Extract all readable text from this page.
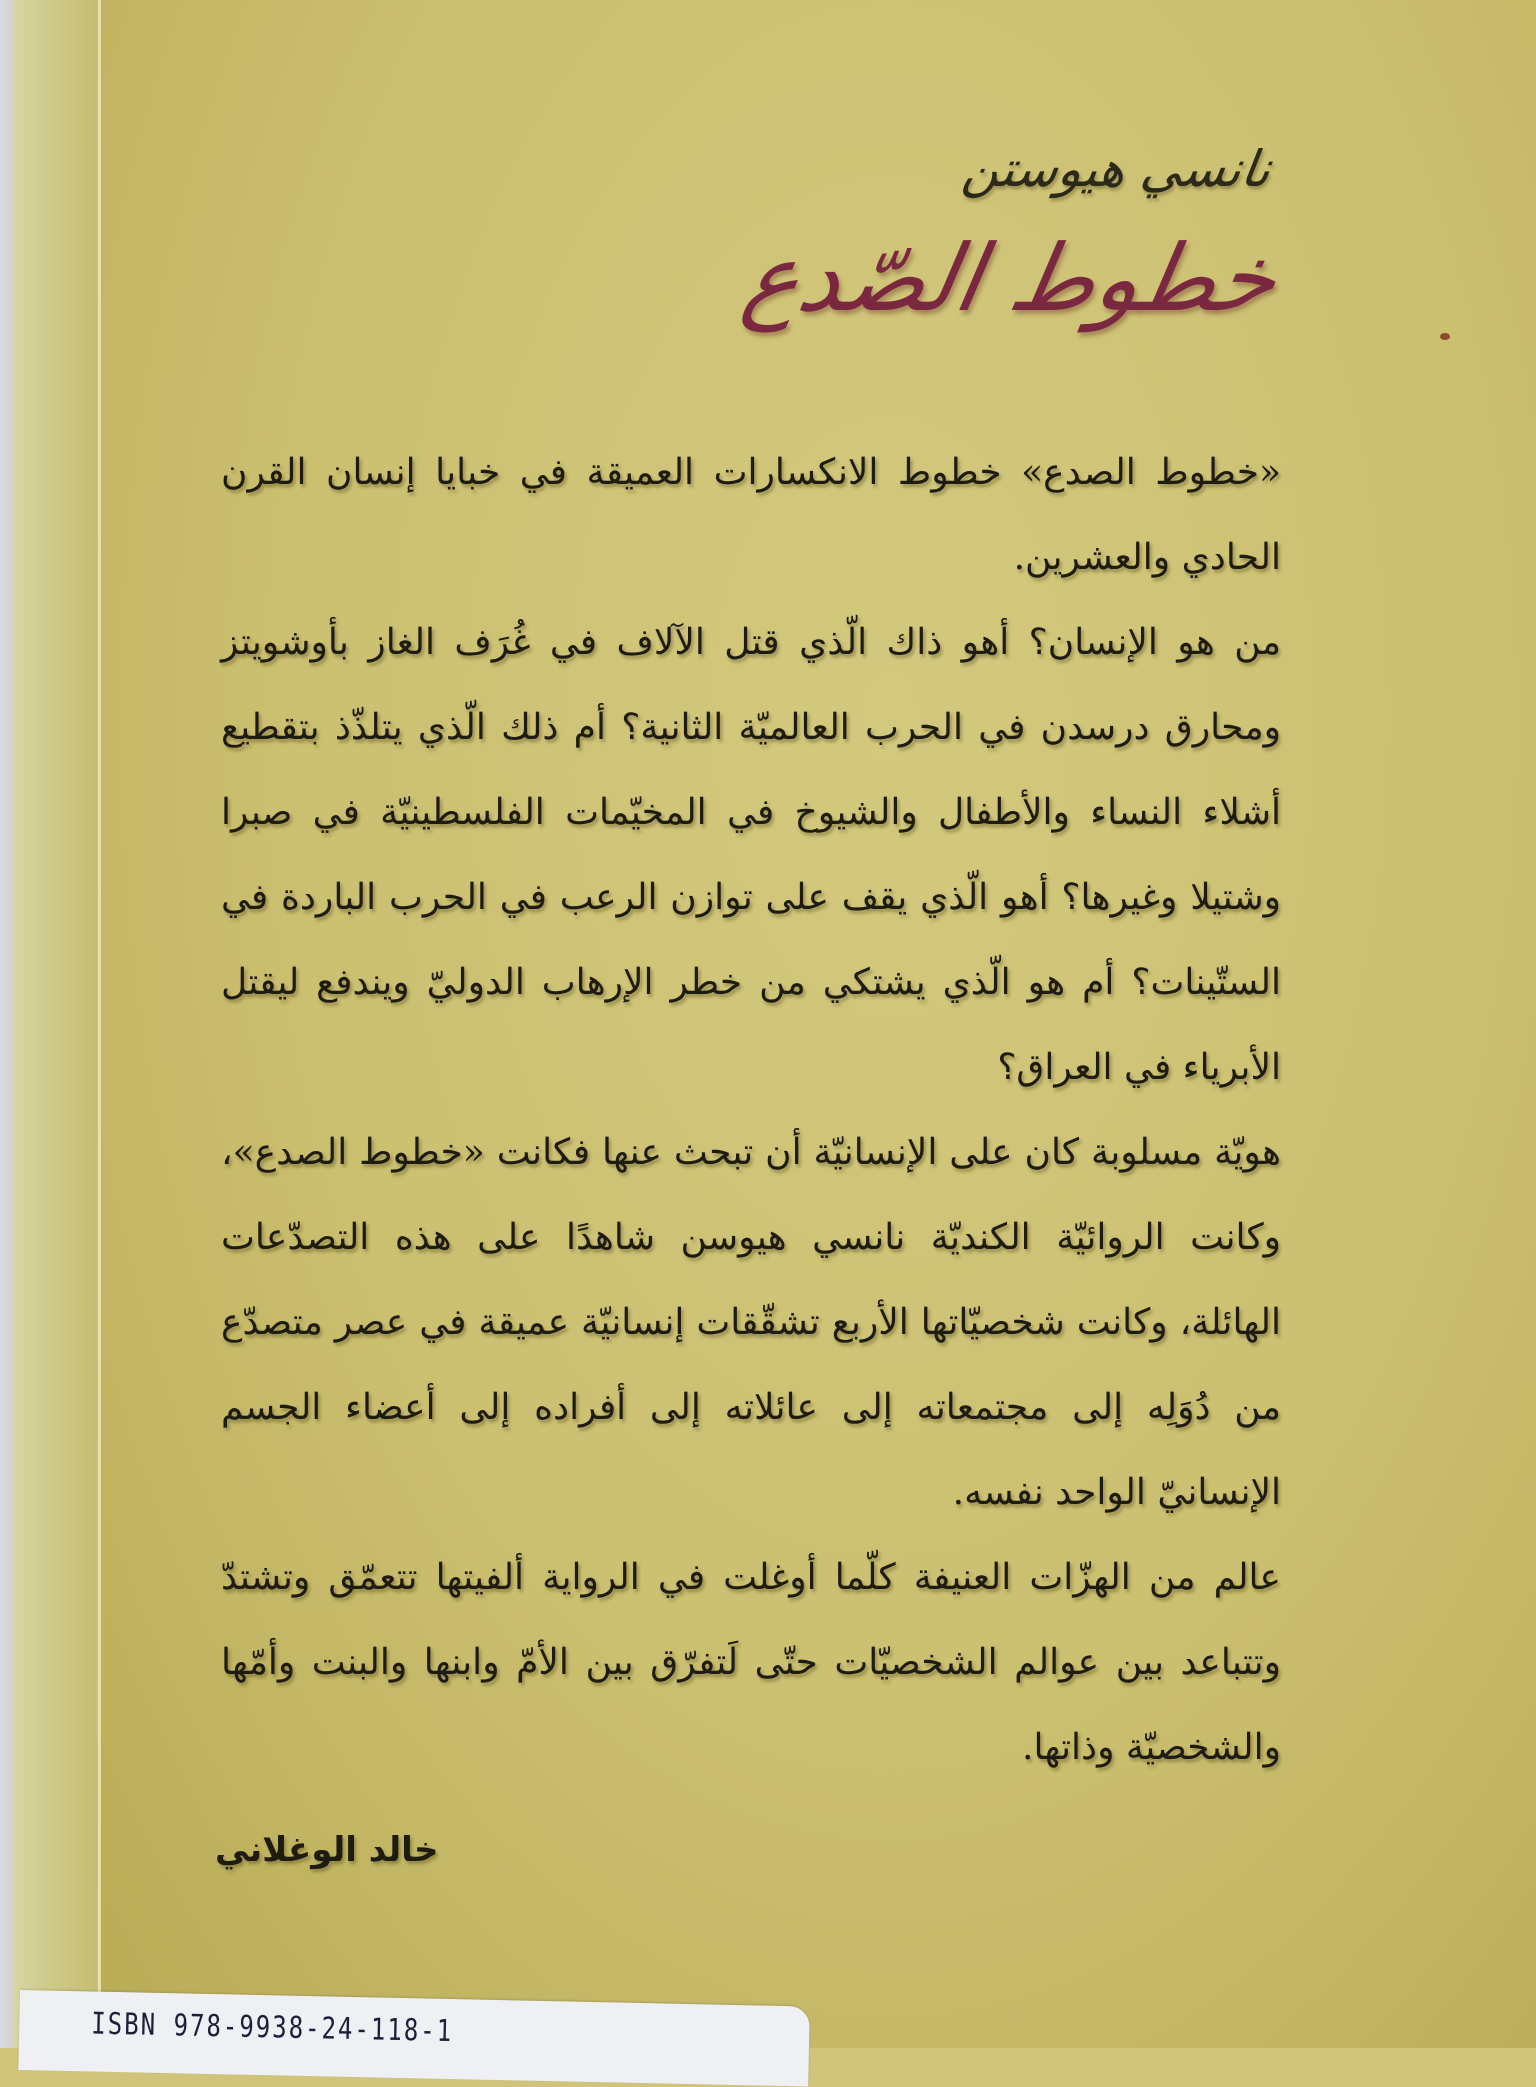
نانسي هيوستن
خطوط الصّدع

«خطوط الصدع» خطوط الانكسارات العميقة في خبايا إنسان القرن الحادي والعشرين.

من هو الإنسان؟ أهو ذاك الّذي قتل الآلاف في غُرَف الغاز بأوشويتز ومحارق درسدن في الحرب العالميّة الثانية؟ أم ذلك الّذي يتلذّذ بتقطيع أشلاء النساء والأطفال والشيوخ في المخيّمات الفلسطينيّة في صبرا وشتيلا وغيرها؟ أهو الّذي يقف على توازن الرعب في الحرب الباردة في الستّينات؟ أم هو الّذي يشتكي من خطر الإرهاب الدوليّ ويندفع ليقتل الأبرياء في العراق؟

هويّة مسلوبة كان على الإنسانيّة أن تبحث عنها فكانت «خطوط الصدع»، وكانت الروائيّة الكنديّة نانسي هيوسن شاهدًا على هذه التصدّعات الهائلة، وكانت شخصيّاتها الأربع تشقّقات إنسانيّة عميقة في عصر متصدّع من دُوَلِه إلى مجتمعاته إلى عائلاته إلى أفراده إلى أعضاء الجسم الإنسانيّ الواحد نفسه.

عالم من الهزّات العنيفة كلّما أوغلت في الرواية ألفيتها تتعمّق وتشتدّ وتتباعد بين عوالم الشخصيّات حتّى لَتفرّق بين الأمّ وابنها والبنت وأمّها والشخصيّة وذاتها.

خالد الوغلاني
ISBN 978-9938-24-118-1
